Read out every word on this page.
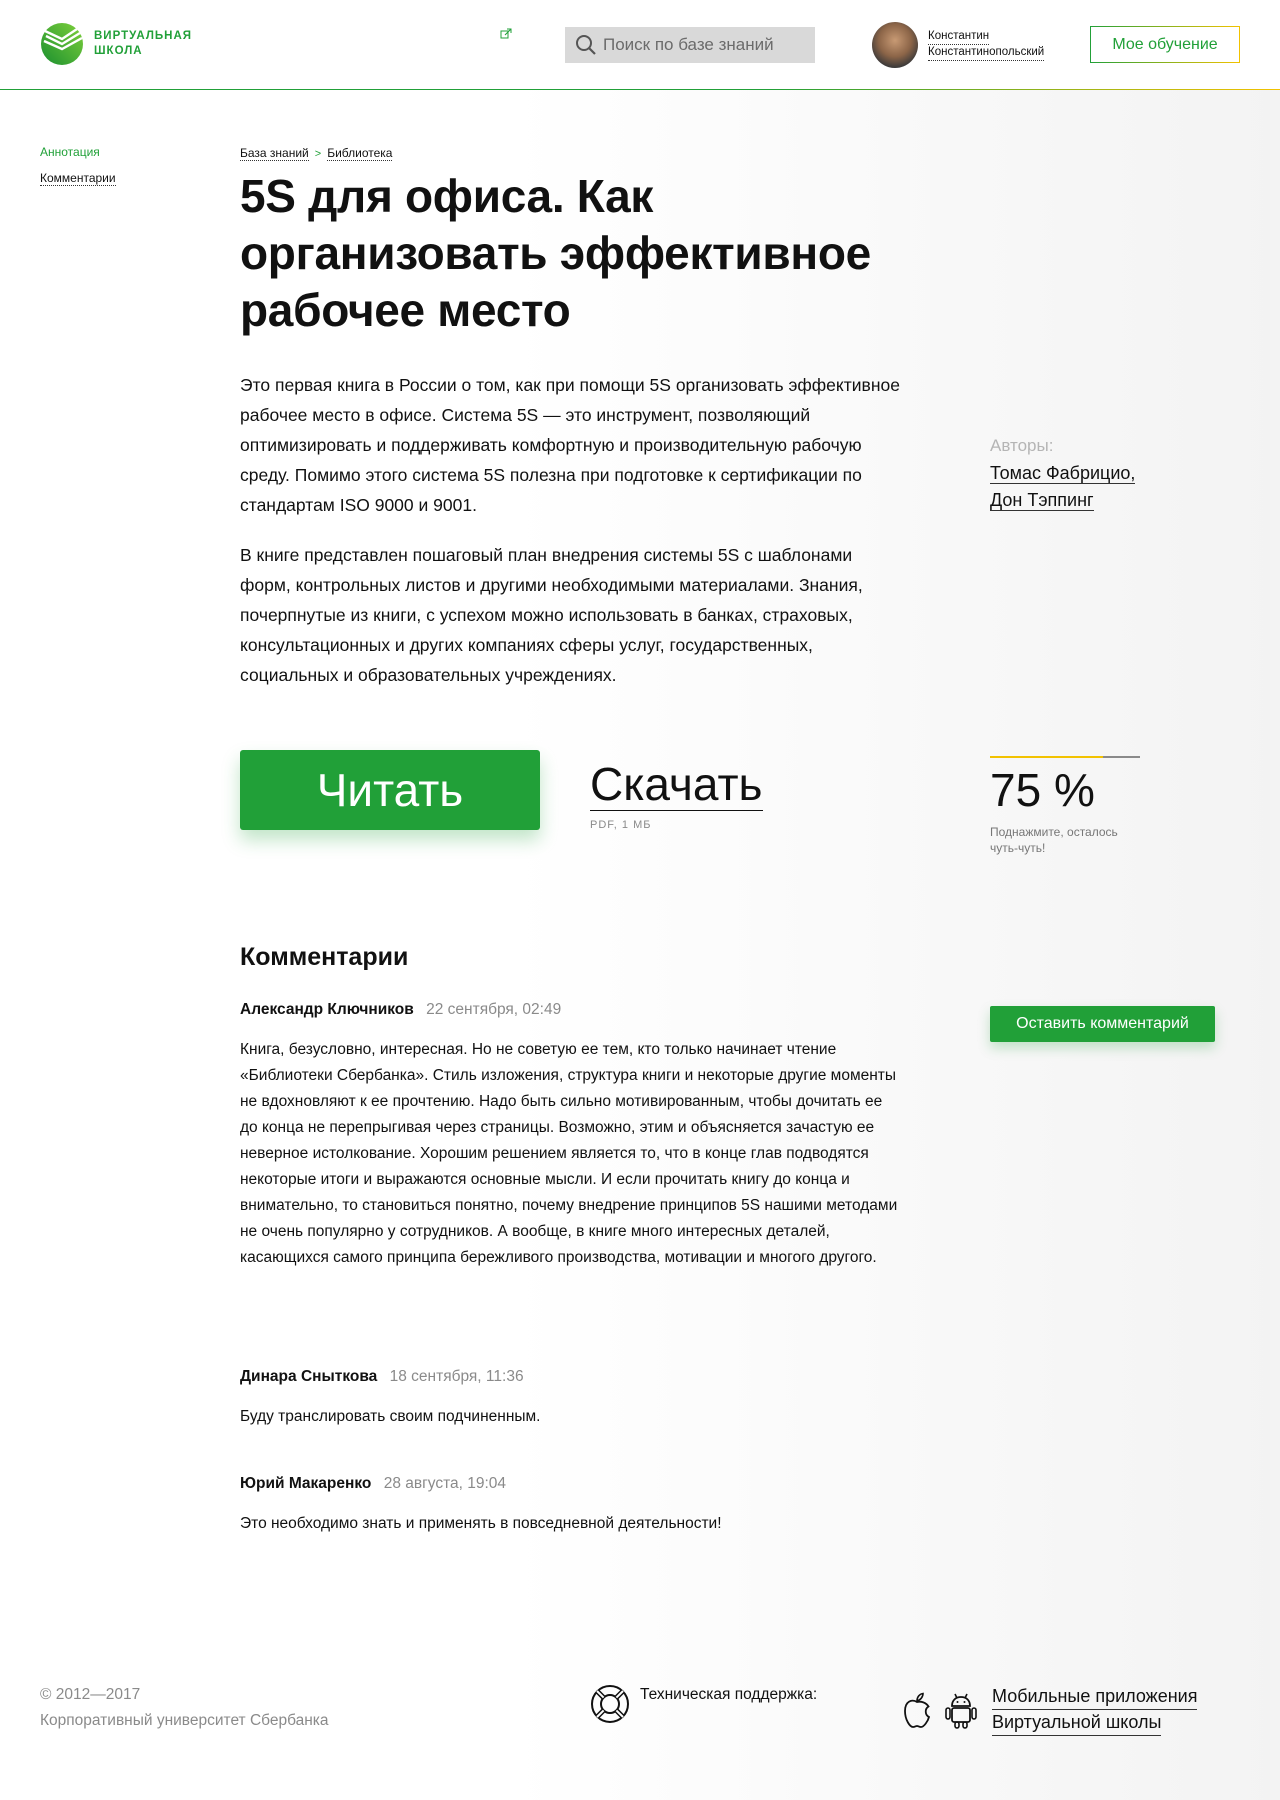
ВИРТУАЛЬНАЯ
ШКОЛА
Поиск по базе знаний
Константин
Константинопольский	Мое обучение
Аннотация
Комментарии
База знаний > Библиотека
5S для офиса. Как организовать эффективное рабочее место

Это первая книга в России о том, как при помощи 5S организовать эффективное рабочее место в офисе. Система 5S — это инструмент, позволяющий оптимизировать и поддерживать комфортную и производительную рабочую среду. Помимо этого система 5S полезна при подготовке к сертификации по стандартам ISO 9000 и 9001.

В книге представлен пошаговый план внедрения системы 5S с шаблонами форм, контрольных листов и другими необходимыми материалами. Знания, почерпнутые из книги, с успехом можно использовать в банках, страховых, консультационных и других компаниях сферы услуг, государственных, социальных и образовательных учреждениях.

Авторы:
Томас Фабрицио,
Дон Тэппинг
Читать	Скачать
PDF, 1 МБ
75 %
Поднажмите, осталось чуть-чуть!
Комментарии
Оставить комментарий
Александр Ключников 22 сентября, 02:49
Книга, безусловно, интересная. Но не советую ее тем, кто только начинает чтение «Библиотеки Сбербанка». Стиль изложения, структура книги и некоторые другие моменты не вдохновляют к ее прочтению. Надо быть сильно мотивированным, чтобы дочитать ее до конца не перепрыгивая через страницы. Возможно, этим и объясняется зачастую ее неверное истолкование. Хорошим решением является то, что в конце глав подводятся некоторые итоги и выражаются основные мысли. И если прочитать книгу до конца и внимательно, то становиться понятно, почему внедрение принципов 5S нашими методами не очень популярно у сотрудников. А вообще, в книге много интересных деталей, касающихся самого принципа бережливого производства, мотивации и многого другого.
Динара Сныткова 18 сентября, 11:36
Буду транслировать своим подчиненным.
Юрий Макаренко 28 августа, 19:04
Это необходимо знать и применять в повседневной деятельности!
© 2012—2017
Корпоративный университет Сбербанка
Техническая поддержка:	Мобильные приложения
Виртуальной школы
